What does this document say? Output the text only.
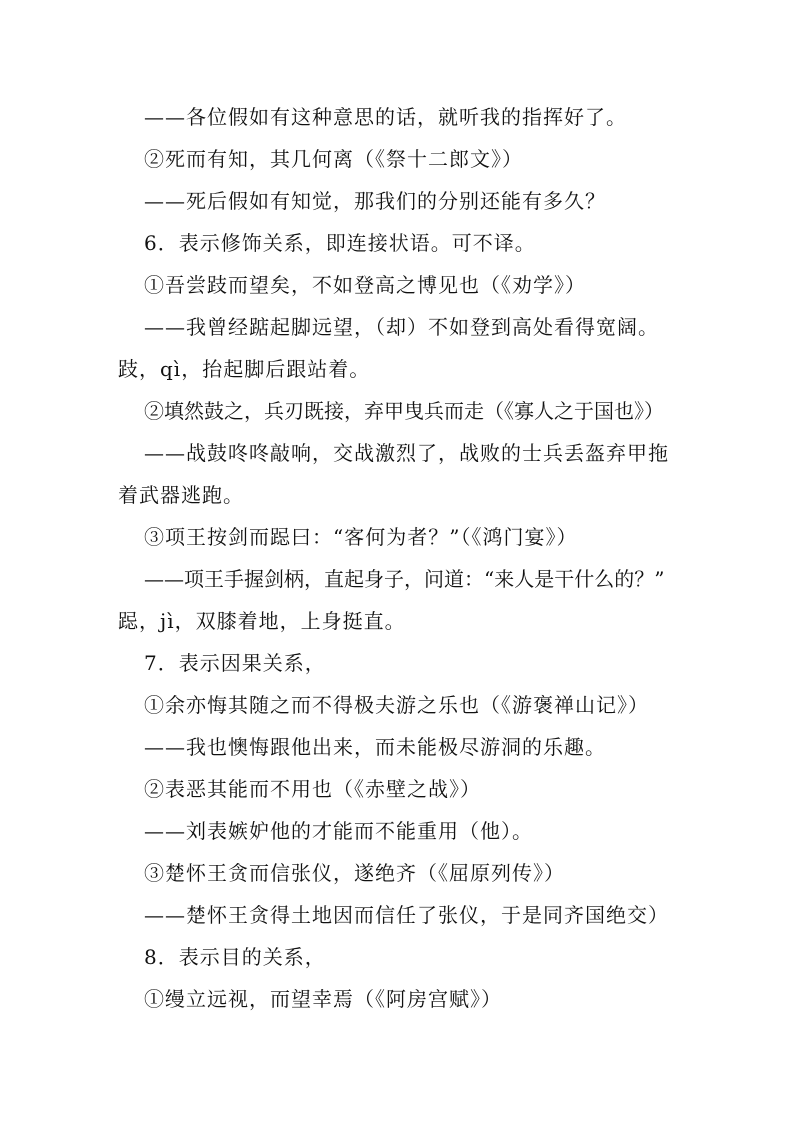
——各位假如有这种意思的话，就听我的指挥好了。
②死而有知，其几何离（《祭十二郎文》）
——死后假如有知觉，那我们的分别还能有多久？
6．表示修饰关系，即连接状语。可不译。
①吾尝跂而望矣，不如登高之博见也（《劝学》）
——我曾经踮起脚远望，（却）不如登到高处看得宽阔。
跂，qì，抬起脚后跟站着。
②填然鼓之，兵刃既接，弃甲曳兵而走（《寡人之于国也》）
——战鼓咚咚敲响，交战激烈了，战败的士兵丢盔弃甲拖
着武器逃跑。
③项王按剑而跽曰：“客何为者？”（《鸿门宴》）
——项王手握剑柄，直起身子，问道：“来人是干什么的？”
跽，jì，双膝着地，上身挺直。
7．表示因果关系，
①余亦悔其随之而不得极夫游之乐也（《游褒禅山记》）
——我也懊悔跟他出来，而未能极尽游洞的乐趣。
②表恶其能而不用也（《赤壁之战》）
——刘表嫉妒他的才能而不能重用（他）。
③楚怀王贪而信张仪，遂绝齐（《屈原列传》）
——楚怀王贪得土地因而信任了张仪，于是同齐国绝交）
8．表示目的关系，
①缦立远视，而望幸焉（《阿房宫赋》）
